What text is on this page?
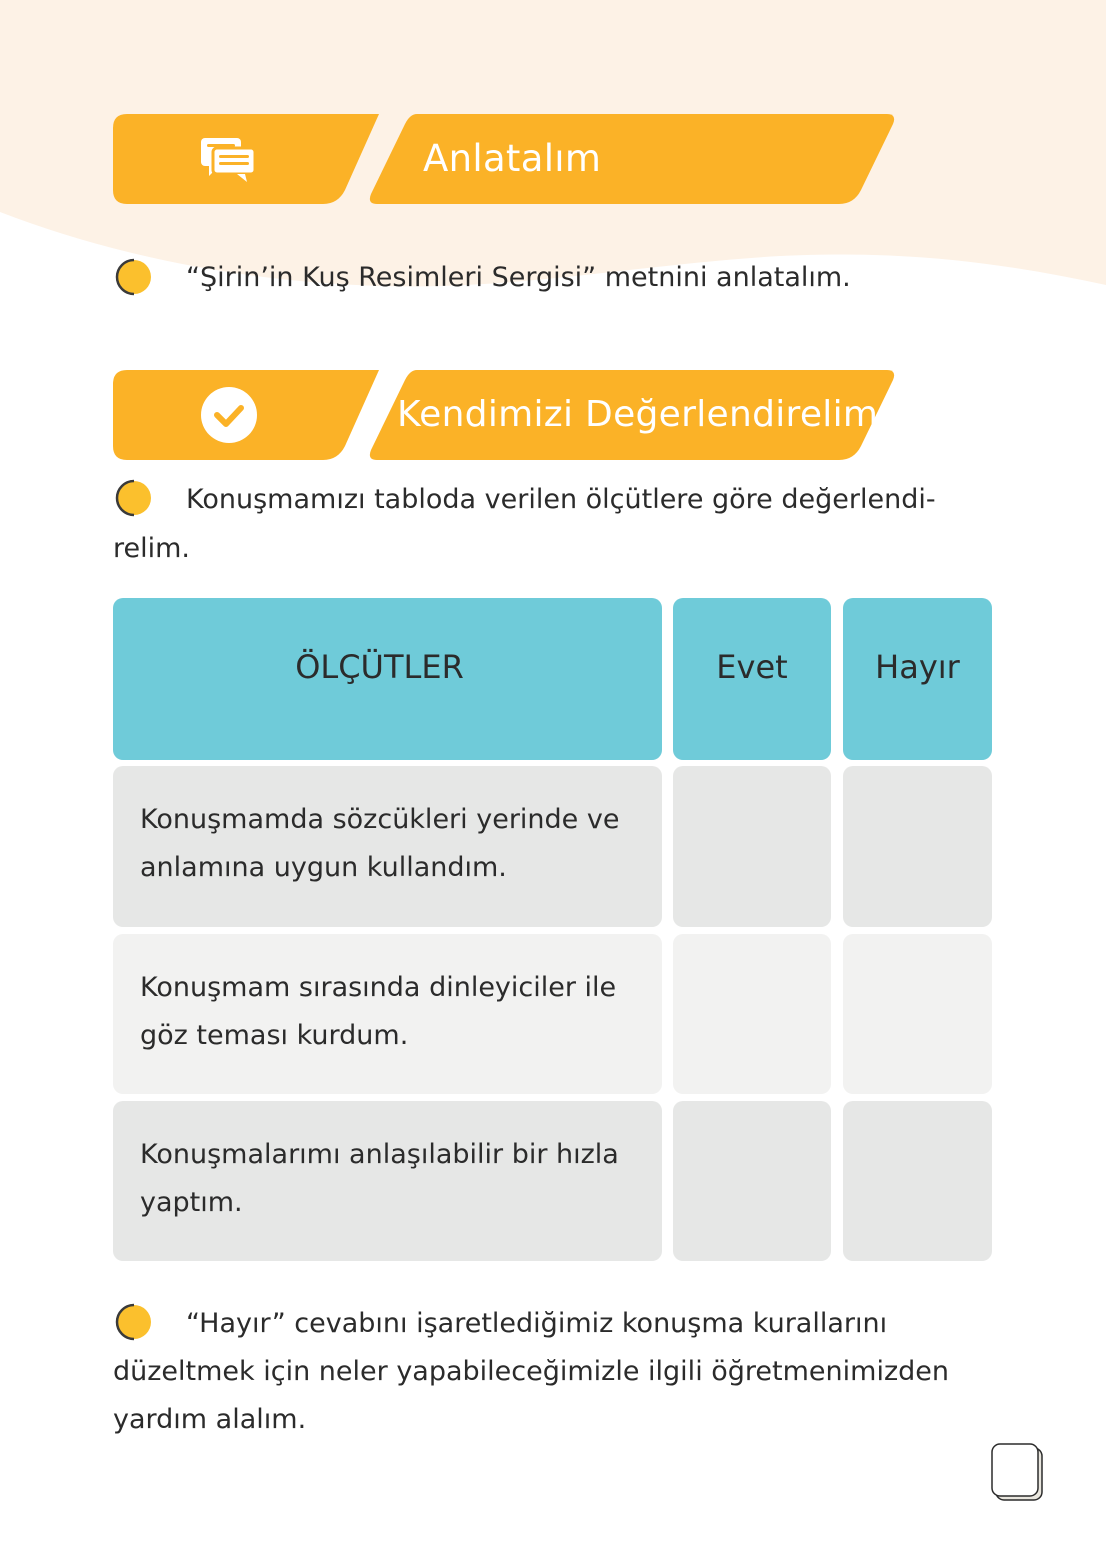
Anlatalım
“Şirin’in Kuş Resimleri Sergisi” metnini anlatalım.
Kendimizi Değerlendirelim
Konuşmamızı tabloda verilen ölçütlere göre değerlendi-
relim.
ÖLÇÜTLER	Evet	Hayır
Konuşmamda sözcükleri yerinde ve
anlamına uygun kullandım.
Konuşmam sırasında dinleyiciler ile
göz teması kurdum.
Konuşmalarımı anlaşılabilir bir hızla
yaptım.
“Hayır” cevabını işaretlediğimiz konuşma kurallarını
düzeltmek için neler yapabileceğimizle ilgili öğretmenimizden
yardım alalım.
